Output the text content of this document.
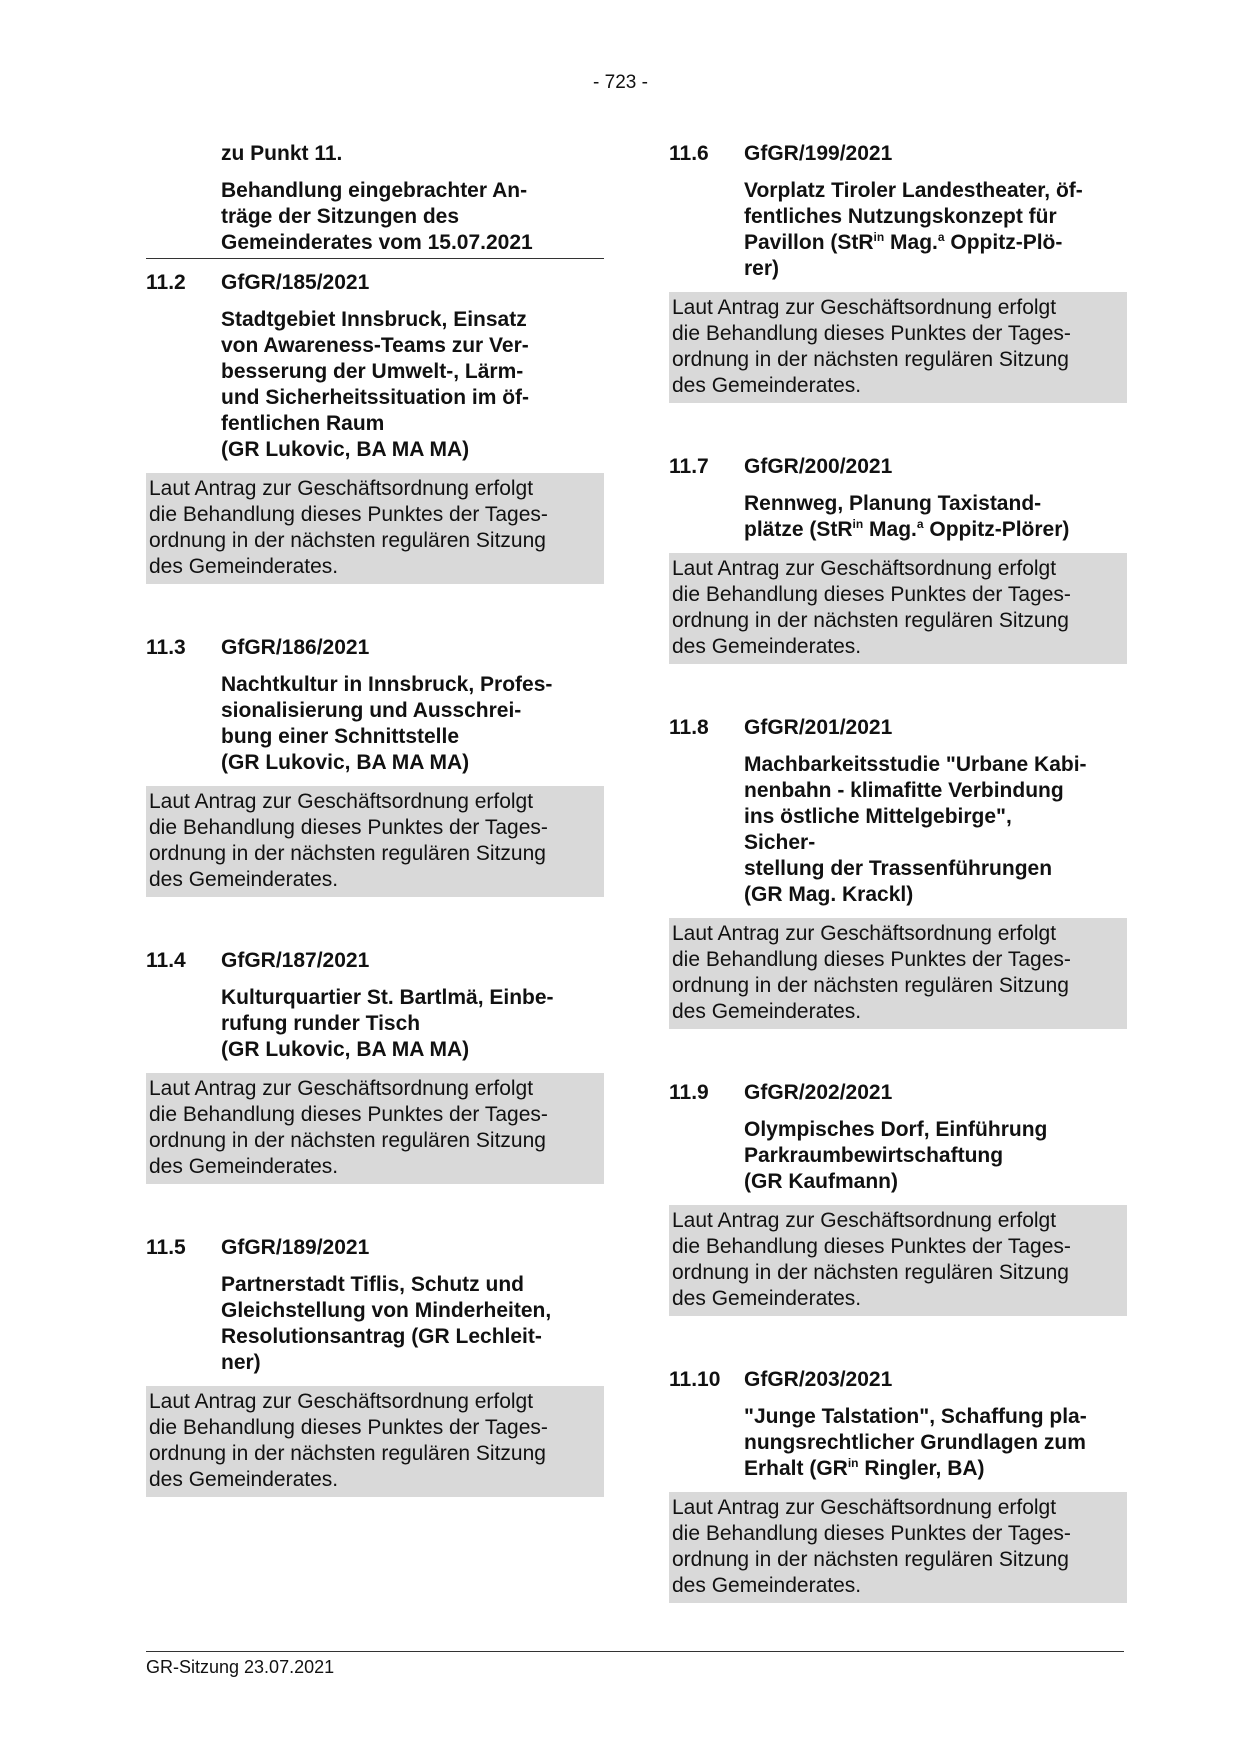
- 723 -
zu Punkt 11.
Behandlung eingebrachter An-
träge der Sitzungen des
Gemeinderates vom 15.07.2021
11.2	GfGR/185/2021
Stadtgebiet Innsbruck, Einsatz
von Awareness-Teams zur Ver-
besserung der Umwelt-, Lärm-
und Sicherheitssituation im öf-
fentlichen Raum
(GR Lukovic, BA MA MA)
Laut Antrag zur Geschäftsordnung erfolgt
die Behandlung dieses Punktes der Tages-
ordnung in der nächsten regulären Sitzung
des Gemeinderates.
11.3	GfGR/186/2021
Nachtkultur in Innsbruck, Profes-
sionalisierung und Ausschrei-
bung einer Schnittstelle
(GR Lukovic, BA MA MA)
Laut Antrag zur Geschäftsordnung erfolgt
die Behandlung dieses Punktes der Tages-
ordnung in der nächsten regulären Sitzung
des Gemeinderates.
11.4	GfGR/187/2021
Kulturquartier St. Bartlmä, Einbe-
rufung runder Tisch
(GR Lukovic, BA MA MA)
Laut Antrag zur Geschäftsordnung erfolgt
die Behandlung dieses Punktes der Tages-
ordnung in der nächsten regulären Sitzung
des Gemeinderates.
11.5	GfGR/189/2021
Partnerstadt Tiflis, Schutz und
Gleichstellung von Minderheiten,
Resolutionsantrag (GR Lechleit-
ner)
Laut Antrag zur Geschäftsordnung erfolgt
die Behandlung dieses Punktes der Tages-
ordnung in der nächsten regulären Sitzung
des Gemeinderates.
11.6	GfGR/199/2021
Vorplatz Tiroler Landestheater, öf-
fentliches Nutzungskonzept für
Pavillon (StR$^{in}$ Mag.$^a$ Oppitz-Plö-
rer)
Laut Antrag zur Geschäftsordnung erfolgt
die Behandlung dieses Punktes der Tages-
ordnung in der nächsten regulären Sitzung
des Gemeinderates.
11.7	GfGR/200/2021
Rennweg, Planung Taxistand-
plätze (StR$^{in}$ Mag.$^a$ Oppitz-Plörer)
Laut Antrag zur Geschäftsordnung erfolgt
die Behandlung dieses Punktes der Tages-
ordnung in der nächsten regulären Sitzung
des Gemeinderates.
11.8	GfGR/201/2021
Machbarkeitsstudie "Urbane Kabi-
nenbahn - klimafitte Verbindung
ins östliche Mittelgebirge", Sicher-
stellung der Trassenführungen
(GR Mag. Krackl)
Laut Antrag zur Geschäftsordnung erfolgt
die Behandlung dieses Punktes der Tages-
ordnung in der nächsten regulären Sitzung
des Gemeinderates.
11.9	GfGR/202/2021
Olympisches Dorf, Einführung
Parkraumbewirtschaftung
(GR Kaufmann)
Laut Antrag zur Geschäftsordnung erfolgt
die Behandlung dieses Punktes der Tages-
ordnung in der nächsten regulären Sitzung
des Gemeinderates.
11.10	GfGR/203/2021
"Junge Talstation", Schaffung pla-
nungsrechtlicher Grundlagen zum
Erhalt ($GR^{in}$ Ringler, BA)
Laut Antrag zur Geschäftsordnung erfolgt
die Behandlung dieses Punktes der Tages-
ordnung in der nächsten regulären Sitzung
des Gemeinderates.
GR-Sitzung 23.07.2021
